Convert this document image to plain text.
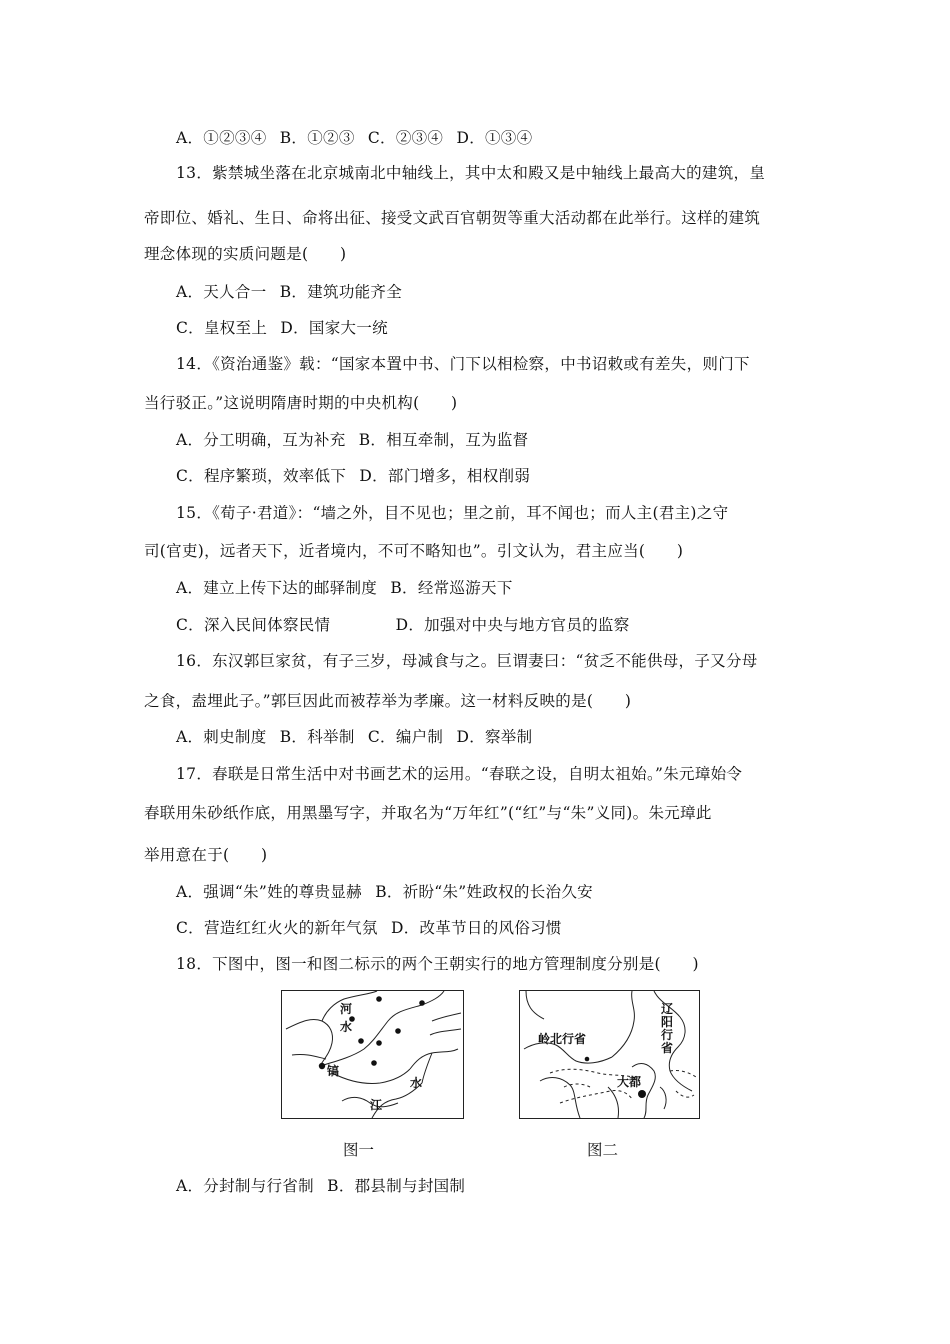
A．①②③④ B．①②③ C．②③④ D．①③④
13．紫禁城坐落在北京城南北中轴线上，其中太和殿又是中轴线上最高大的建筑，皇
帝即位、婚礼、生日、命将出征、接受文武百官朝贺等重大活动都在此举行。这样的建筑
理念体现的实质问题是(　　)
A．天人合一 B．建筑功能齐全
C．皇权至上 D．国家大一统
14．《资治通鉴》载：“国家本置中书、门下以相检察，中书诏敕或有差失，则门下
当行驳正。”这说明隋唐时期的中央机构(　　)
A．分工明确，互为补充 B．相互牵制，互为监督
C．程序繁琐，效率低下 D．部门增多，相权削弱
15．《荀子·君道》：“墙之外，目不见也；里之前，耳不闻也；而人主(君主)之守
司(官吏)，远者天下，近者境内，不可不略知也”。引文认为，君主应当(　　)
A．建立上传下达的邮驿制度 B．经常巡游天下
C．深入民间体察民情	D．加强对中央与地方官员的监察
16．东汉郭巨家贫，有子三岁，母减食与之。巨谓妻曰：“贫乏不能供母，子又分母
之食，盍埋此子。”郭巨因此而被荐举为孝廉。这一材料反映的是(　　)
A．刺史制度 B．科举制 C．编户制 D．察举制
17．春联是日常生活中对书画艺术的运用。“春联之设，自明太祖始。”朱元璋始令
春联用朱砂纸作底，用黑墨写字，并取名为“万年红”(“红”与“朱”义同)。朱元璋此
举用意在于(　　)
A．强调“朱”姓的尊贵显赫 B．祈盼“朱”姓政权的长治久安
C．营造红红火火的新年气氛 D．改革节日的风俗习惯
18．下图中，图一和图二标示的两个王朝实行的地方管理制度分别是(　　)
河
水
镐
水
江
图一
岭北行省
辽阳行省
大都
图二
A．分封制与行省制 B．郡县制与封国制
